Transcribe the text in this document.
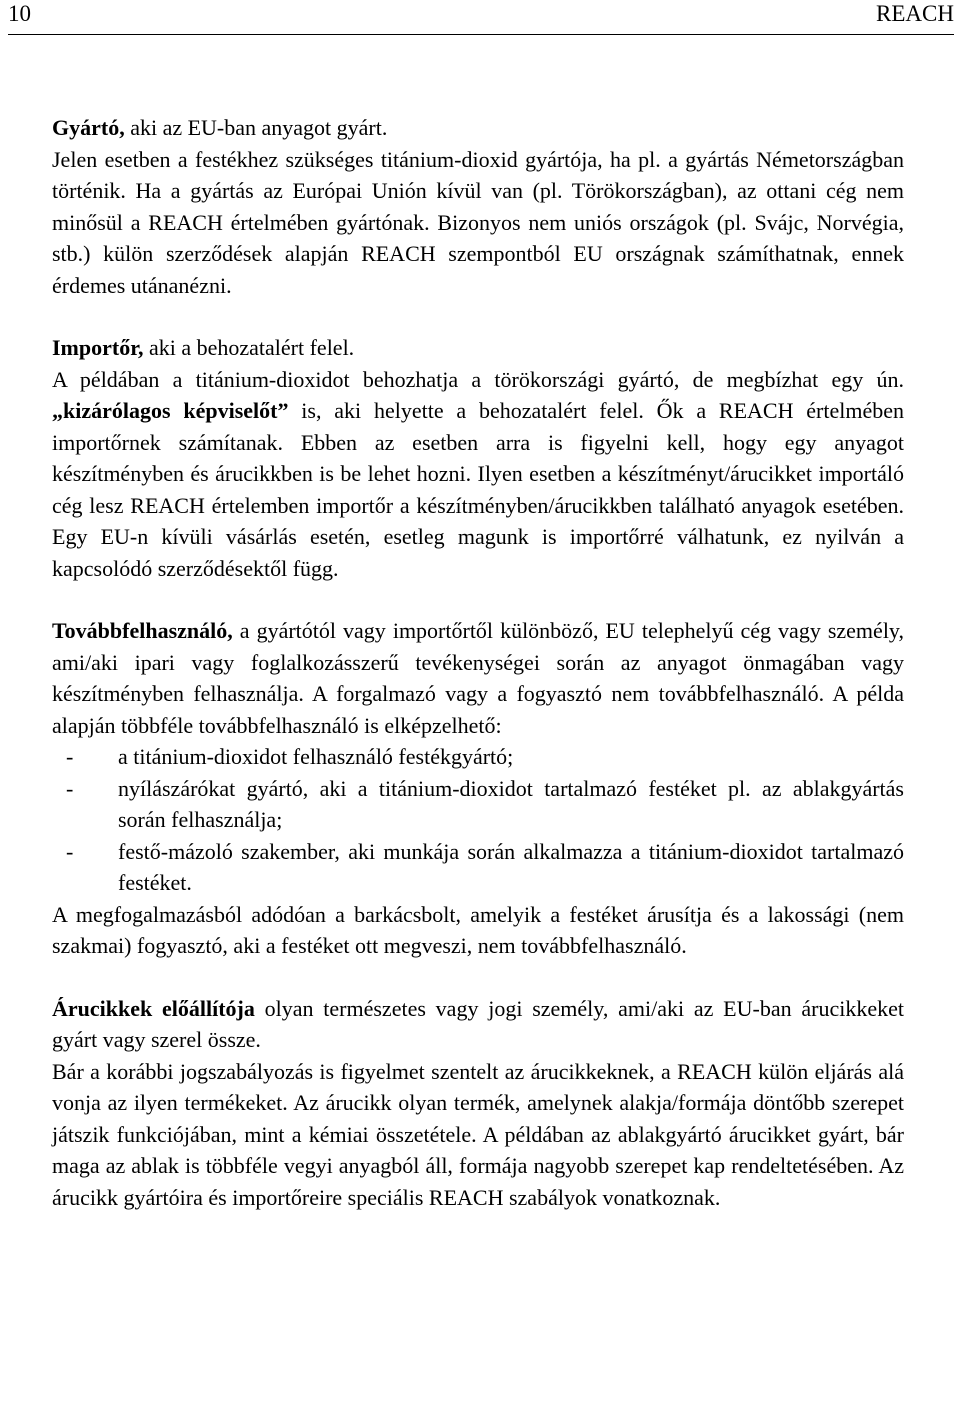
10	REACH

Gyártó, aki az EU-ban anyagot gyárt.

Jelen esetben a festékhez szükséges titánium-dioxid gyártója, ha pl. a gyártás Németországban történik. Ha a gyártás az Európai Unión kívül van (pl. Törökországban), az ottani cég nem minősül a REACH értelmében gyártónak. Bizonyos nem uniós országok (pl. Svájc, Norvégia, stb.) külön szerződések alapján REACH szempontból EU országnak számíthatnak, ennek érdemes utánanézni.

Importőr, aki a behozatalért felel.

A példában a titánium-dioxidot behozhatja a törökországi gyártó, de megbízhat egy ún. „kizárólagos képviselőt” is, aki helyette a behozatalért felel. Ők a REACH értelmében importőrnek számítanak. Ebben az esetben arra is figyelni kell, hogy egy anyagot készítményben és árucikkben is be lehet hozni. Ilyen esetben a készítményt/árucikket importáló cég lesz REACH értelemben importőr a készítményben/árucikkben található anyagok esetében. Egy EU-n kívüli vásárlás esetén, esetleg magunk is importőrré válhatunk, ez nyilván a kapcsolódó szerződésektől függ.

Továbbfelhasználó, a gyártótól vagy importőrtől különböző, EU telephelyű cég vagy személy, ami/aki ipari vagy foglalkozásszerű tevékenységei során az anyagot önmagában vagy készítményben felhasználja. A forgalmazó vagy a fogyasztó nem továbbfelhasználó. A példa alapján többféle továbbfelhasználó is elképzelhető:

- a titánium-dioxidot felhasználó festékgyártó;
- nyílászárókat gyártó, aki a titánium-dioxidot tartalmazó festéket pl. az ablakgyártás során felhasználja;
- festő-mázoló szakember, aki munkája során alkalmazza a titánium-dioxidot tartalmazó festéket.

A megfogalmazásból adódóan a barkácsbolt, amelyik a festéket árusítja és a lakossági (nem szakmai) fogyasztó, aki a festéket ott megveszi, nem továbbfelhasználó.

Árucikkek előállítója olyan természetes vagy jogi személy, ami/aki az EU-ban árucikkeket gyárt vagy szerel össze.

Bár a korábbi jogszabályozás is figyelmet szentelt az árucikkeknek, a REACH külön eljárás alá vonja az ilyen termékeket. Az árucikk olyan termék, amelynek alakja/formája döntőbb szerepet játszik funkciójában, mint a kémiai összetétele. A példában az ablakgyártó árucikket gyárt, bár maga az ablak is többféle vegyi anyagból áll, formája nagyobb szerepet kap rendeltetésében. Az árucikk gyártóira és importőreire speciális REACH szabályok vonatkoznak.
